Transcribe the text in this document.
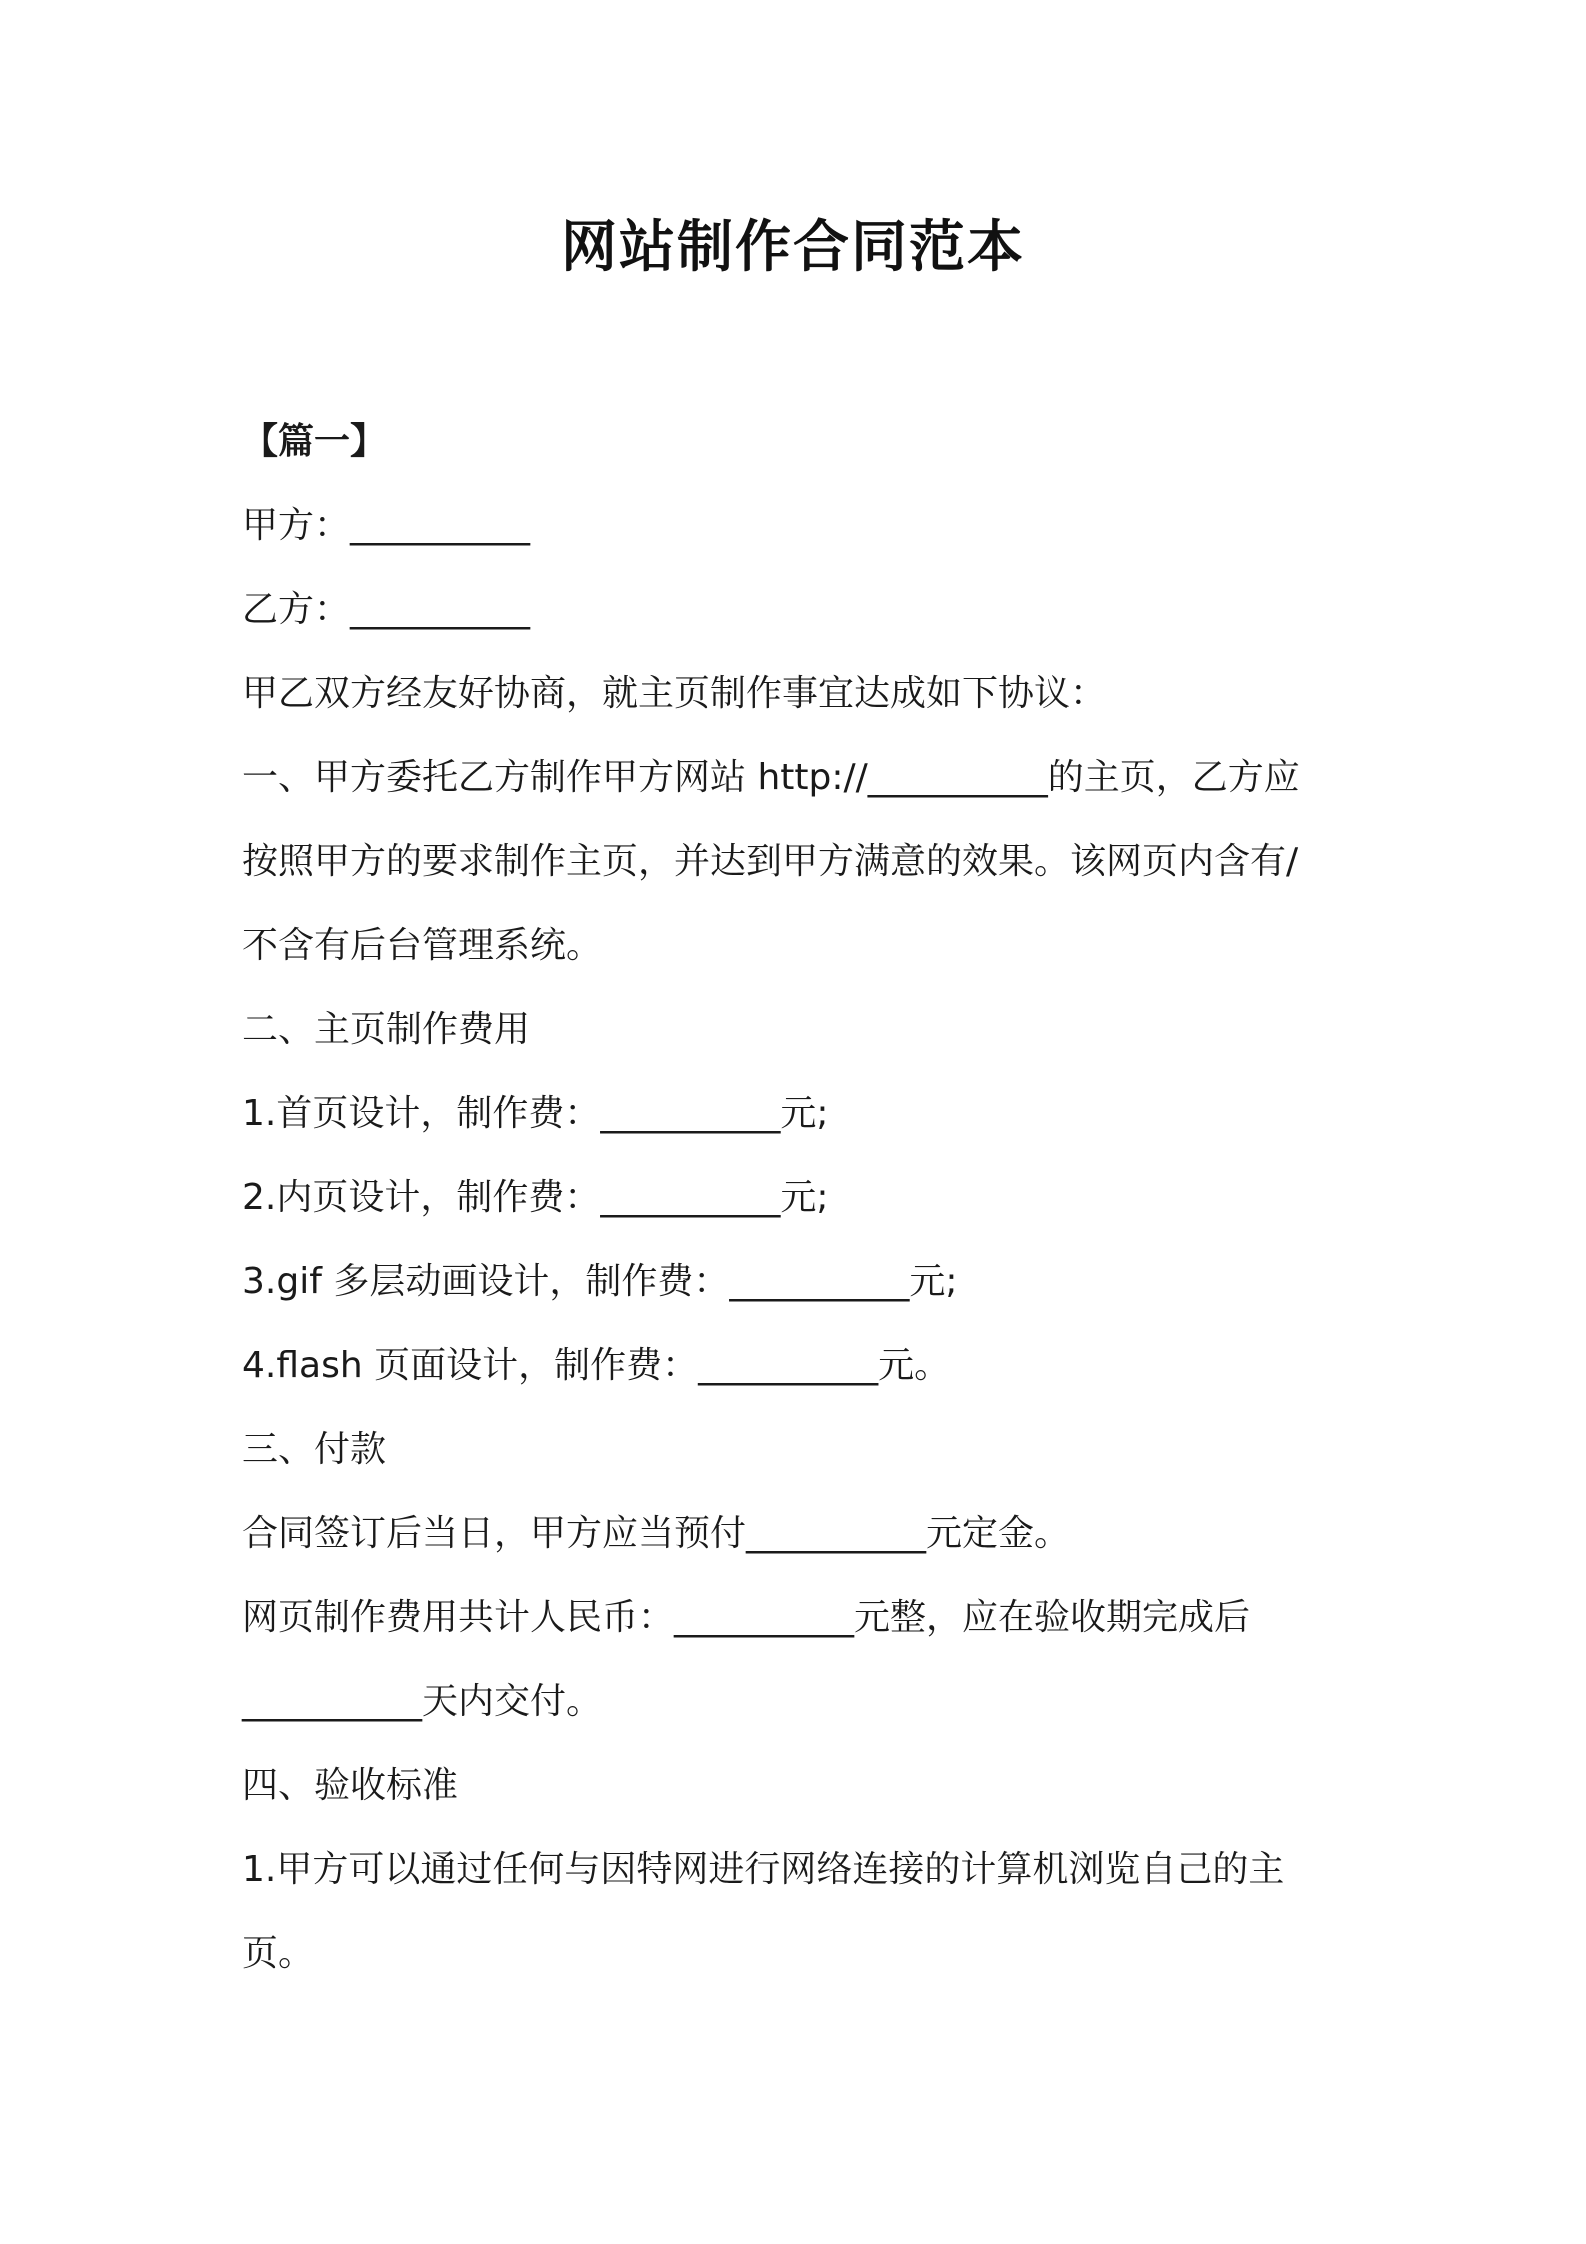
网站制作合同范本
【篇一】
甲方：__________
乙方：__________
甲乙双方经友好协商，就主页制作事宜达成如下协议：
一、甲方委托乙方制作甲方网站 http://__________的主页，乙方应
按照甲方的要求制作主页，并达到甲方满意的效果。该网页内含有/
不含有后台管理系统。
二、主页制作费用
1.首页设计，制作费：__________元;
2.内页设计，制作费：__________元;
3.gif 多层动画设计，制作费：__________元;
4.flash 页面设计，制作费：__________元。
三、付款
合同签订后当日，甲方应当预付__________元定金。
网页制作费用共计人民币：__________元整，应在验收期完成后
__________天内交付。
四、验收标准
1.甲方可以通过任何与因特网进行网络连接的计算机浏览自己的主
页。
